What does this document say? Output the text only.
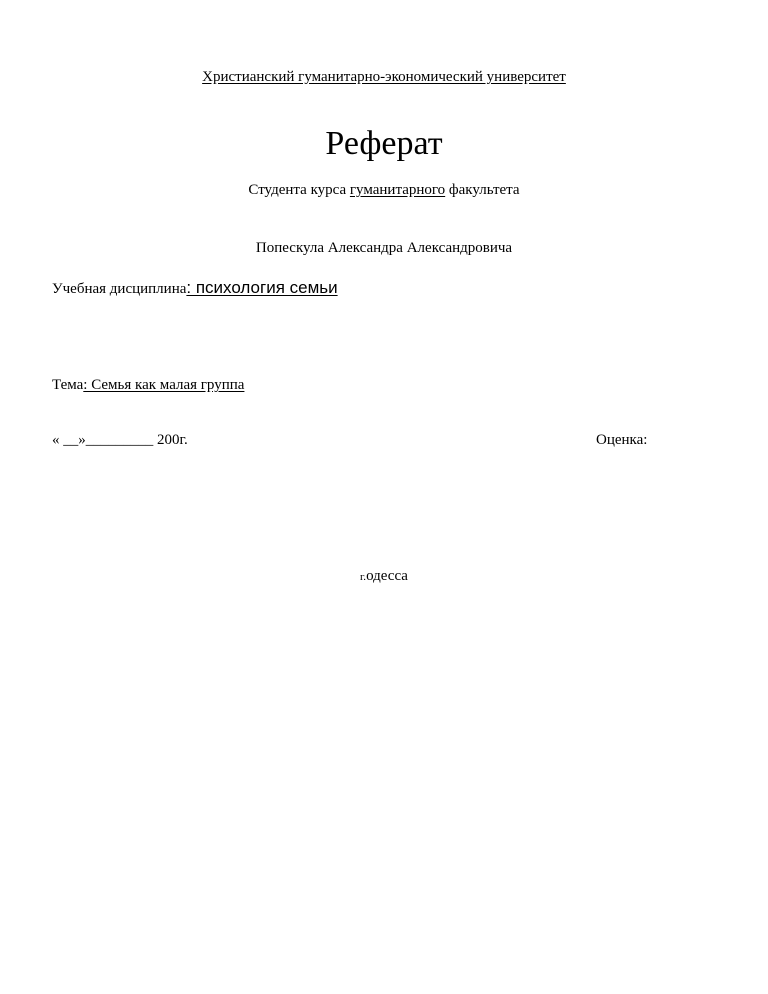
Христианский гуманитарно-экономический университет
Реферат
Студента курса гуманитарного факультета
Попескула Александра Александровича
Учебная дисциплина: психология семьи
Тема: Семья как малая группа
« __»_________ 200г.	Оценка:
г.одесса
